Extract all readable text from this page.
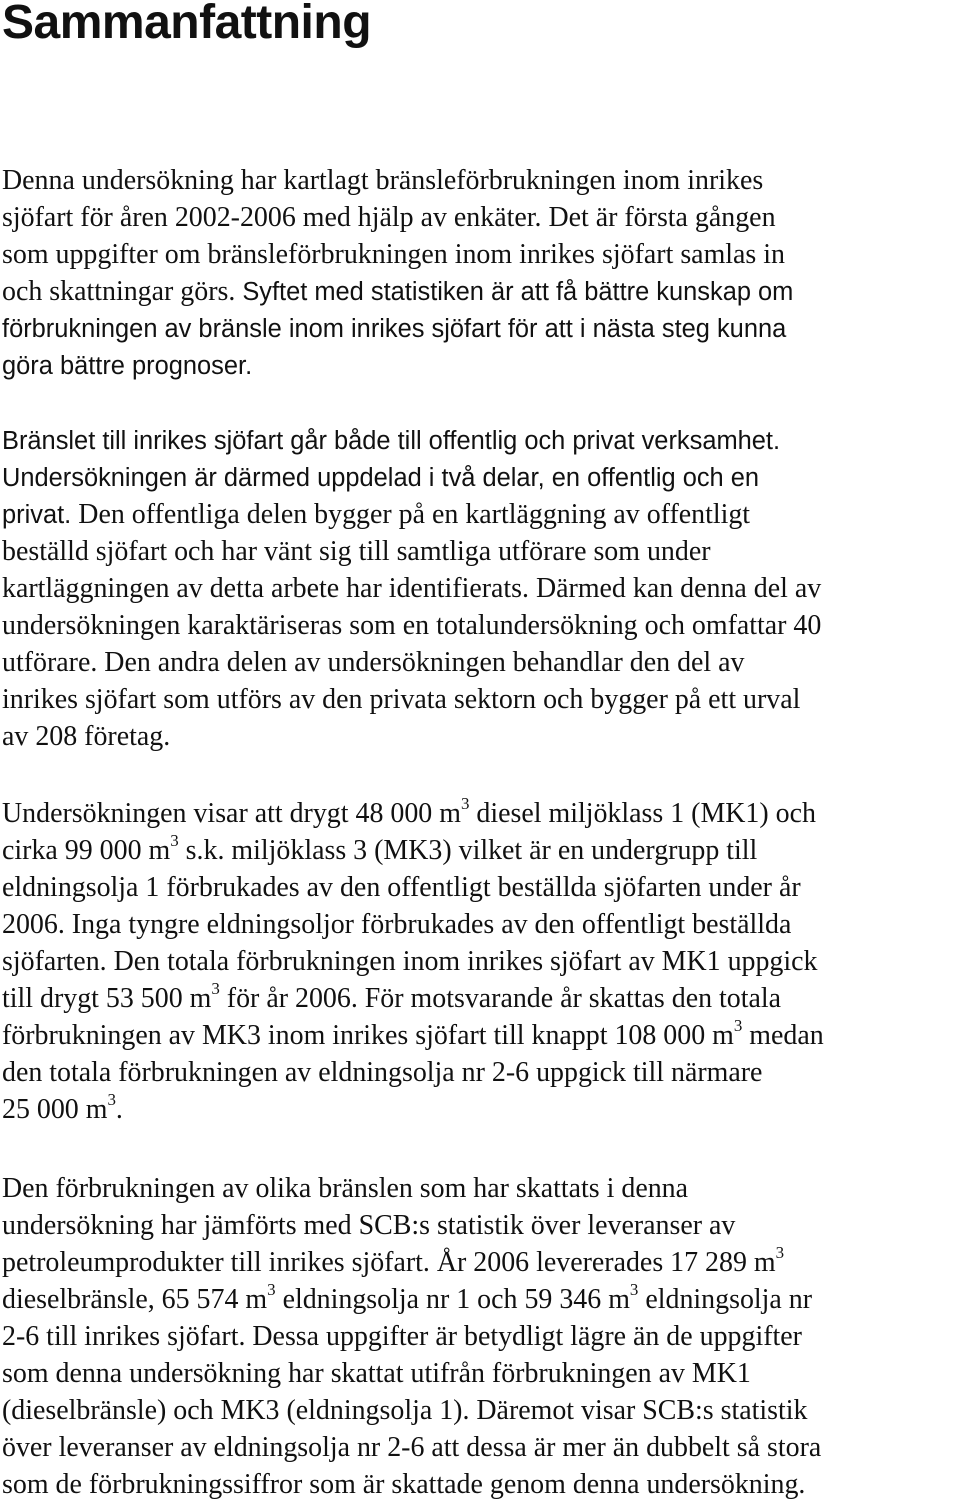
Sammanfattning
Denna undersökning har kartlagt bränsleförbrukningen inom inrikes
sjöfart för åren 2002-2006 med hjälp av enkäter. Det är första gången
som uppgifter om bränsleförbrukningen inom inrikes sjöfart samlas in
och skattningar görs. Syftet med statistiken är att få bättre kunskap om
förbrukningen av bränsle inom inrikes sjöfart för att i nästa steg kunna
göra bättre prognoser.
Bränslet till inrikes sjöfart går både till offentlig och privat verksamhet.
Undersökningen är därmed uppdelad i två delar, en offentlig och en
privat. Den offentliga delen bygger på en kartläggning av offentligt
beställd sjöfart och har vänt sig till samtliga utförare som under
kartläggningen av detta arbete har identifierats. Därmed kan denna del av
undersökningen karaktäriseras som en totalundersökning och omfattar 40
utförare. Den andra delen av undersökningen behandlar den del av
inrikes sjöfart som utförs av den privata sektorn och bygger på ett urval
av 208 företag.
Undersökningen visar att drygt 48 000 $m^3$ diesel miljöklass 1 (MK1) och
cirka 99 000 $m^3$ s.k. miljöklass 3 (MK3) vilket är en undergrupp till
eldningsolja 1 förbrukades av den offentligt beställda sjöfarten under år
2006. Inga tyngre eldningsoljor förbrukades av den offentligt beställda
sjöfarten. Den totala förbrukningen inom inrikes sjöfart av MK1 uppgick
till drygt 53 500 $m^3$ för år 2006. För motsvarande år skattas den totala
förbrukningen av MK3 inom inrikes sjöfart till knappt 108 000 $m^3$ medan
den totala förbrukningen av eldningsolja nr 2-6 uppgick till närmare
25 000 $m^3$.
Den förbrukningen av olika bränslen som har skattats i denna
undersökning har jämförts med SCB:s statistik över leveranser av
petroleumprodukter till inrikes sjöfart. År 2006 levererades 17 289 $m^3$
dieselbränsle, 65 574 $m^3$ eldningsolja nr 1 och 59 346 $m^3$ eldningsolja nr
2-6 till inrikes sjöfart. Dessa uppgifter är betydligt lägre än de uppgifter
som denna undersökning har skattat utifrån förbrukningen av MK1
(dieselbränsle) och MK3 (eldningsolja 1). Däremot visar SCB:s statistik
över leveranser av eldningsolja nr 2-6 att dessa är mer än dubbelt så stora
som de förbrukningssiffror som är skattade genom denna undersökning.
